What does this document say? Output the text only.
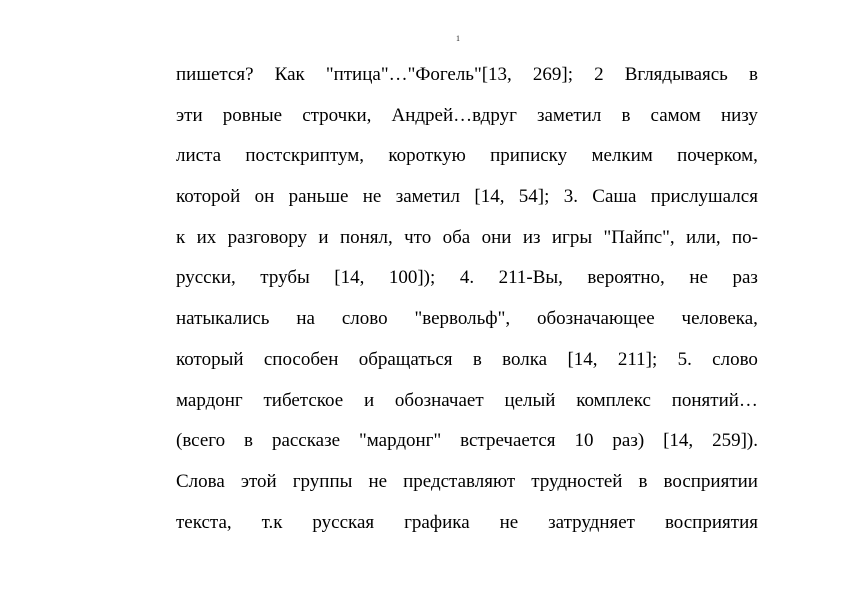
1
пишется? Как "птица"…"Фогель"[13, 269]; 2 Вглядываясь в
эти ровные строчки, Андрей…вдруг заметил в самом низу
листа постскриптум, короткую приписку мелким почерком,
которой он раньше не заметил [14, 54]; 3. Саша прислушался
к их разговору и понял, что оба они из игры "Пайпс", или, по-
русски, трубы [14, 100]); 4. 211-Вы, вероятно, не раз
натыкались на слово "вервольф", обозначающее человека,
который способен обращаться в волка [14, 211]; 5. слово
мардонг тибетское и обозначает целый комплекс понятий…
(всего в рассказе "мардонг" встречается 10 раз) [14, 259]).
Слова этой группы не представляют трудностей в восприятии
текста, т.к русская графика не затрудняет восприятия
